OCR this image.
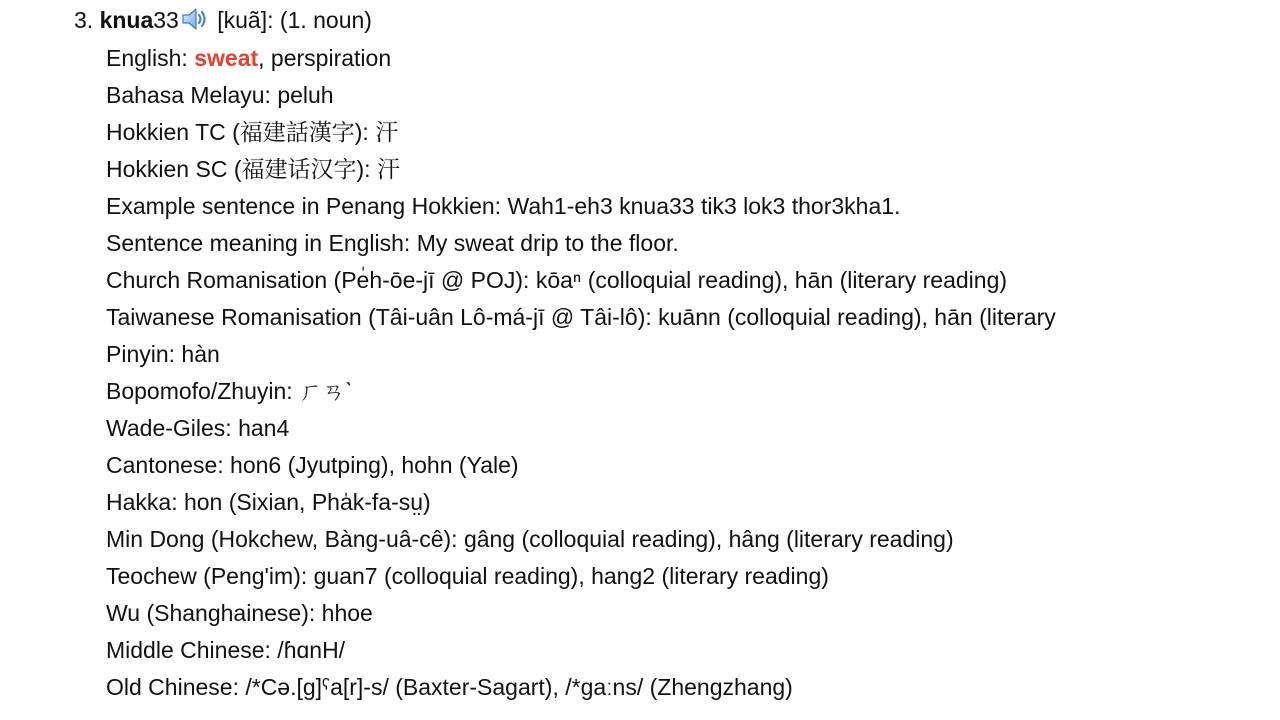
3. knua33 [kuã]: (1. noun)
English: sweat, perspiration
Bahasa Melayu: peluh
Hokkien TC (福建話漢字): 汗
Hokkien SC (福建话汉字): 汗
Example sentence in Penang Hokkien: Wah1-eh3 knua33 tik3 lok3 thor3kha1.
Sentence meaning in English: My sweat drip to the floor.
Church Romanisation (Pe̍h-ōe-jī @ POJ): kōaⁿ (colloquial reading), hān (literary reading)
Taiwanese Romanisation (Tâi-uân Lô-má-jī @ Tâi-lô): kuānn (colloquial reading), hān (literary
Pinyin: hàn
Bopomofo/Zhuyin: ㄏㄢˋ
Wade-Giles: han4
Cantonese: hon6 (Jyutping), hohn (Yale)
Hakka: hon (Sixian, Pha̍k-fa-sṳ)
Min Dong (Hokchew, Bàng-uâ-cê): gâng (colloquial reading), hâng (literary reading)
Teochew (Peng'im): guan7 (colloquial reading), hang2 (literary reading)
Wu (Shanghainese): hhoe
Middle Chinese: /ɦɑnH/
Old Chinese: /*Cə.[g]ˤa[r]-s/ (Baxter-Sagart), /*gaːns/ (Zhengzhang)
